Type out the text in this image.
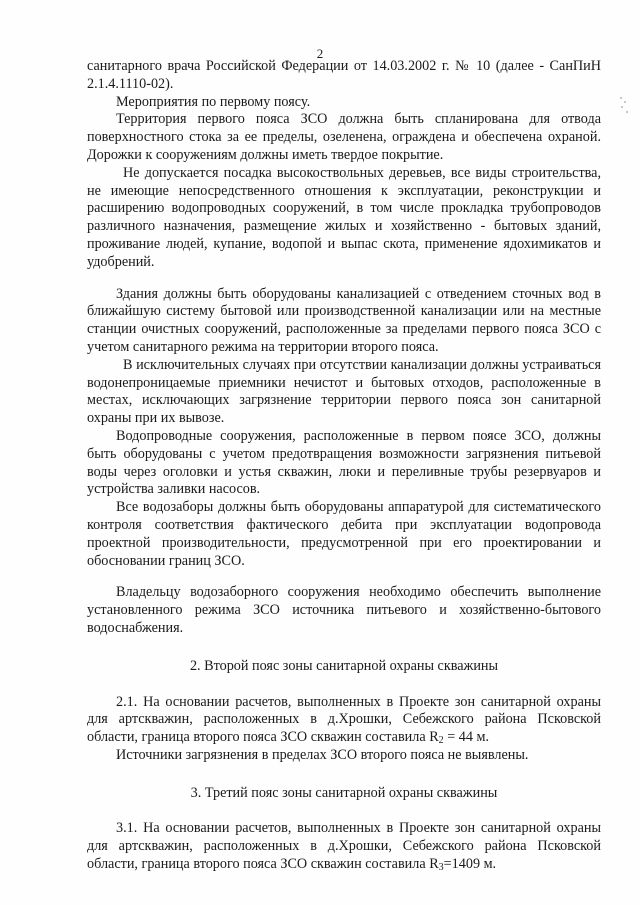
2

санитарного врача Российской Федерации от 14.03.2002 г. № 10 (далее - СанПиН 2.1.4.1110-02).

Мероприятия по первому поясу.

Территория первого пояса ЗСО должна быть спланирована для отвода поверхностного стока за ее пределы, озеленена, ограждена и обеспечена охраной. Дорожки к сооружениям должны иметь твердое покрытие.

Не допускается посадка высокоствольных деревьев, все виды строительства, не имеющие непосредственного отношения к эксплуатации, реконструкции и расширению водопроводных сооружений, в том числе прокладка трубопроводов различного назначения, размещение жилых и хозяйственно - бытовых зданий, проживание людей, купание, водопой и выпас скота, применение ядохимикатов и удобрений.

Здания должны быть оборудованы канализацией с отведением сточных вод в ближайшую систему бытовой или производственной канализации или на местные станции очистных сооружений, расположенные за пределами первого пояса ЗСО с учетом санитарного режима на территории второго пояса.

В исключительных случаях при отсутствии канализации должны устраиваться водонепроницаемые приемники нечистот и бытовых отходов, расположенные в местах, исключающих загрязнение территории первого пояса зон санитарной охраны при их вывозе.

Водопроводные сооружения, расположенные в первом поясе ЗСО, должны быть оборудованы с учетом предотвращения возможности загрязнения питьевой воды через оголовки и устья скважин, люки и переливные трубы резервуаров и устройства заливки насосов.

Все водозаборы должны быть оборудованы аппаратурой для систематического контроля соответствия фактического дебита при эксплуатации водопровода проектной производительности, предусмотренной при его проектировании и обосновании границ ЗСО.

Владельцу водозаборного сооружения необходимо обеспечить выполнение установленного режима ЗСО источника питьевого и хозяйственно-бытового водоснабжения.

2. Второй пояс зоны санитарной охраны скважины

2.1. На основании расчетов, выполненных в Проекте зон санитарной охраны для артскважин, расположенных в д.Хрошки, Себежского района Псковской области, граница второго пояса ЗСО скважин составила $R_2 = 44$ м.

Источники загрязнения в пределах ЗСО второго пояса не выявлены.

3. Третий пояс зоны санитарной охраны скважины

3.1. На основании расчетов, выполненных в Проекте зон санитарной охраны для артскважин, расположенных в д.Хрошки, Себежского района Псковской области, граница второго пояса ЗСО скважин составила $R_3=1409$ м.
